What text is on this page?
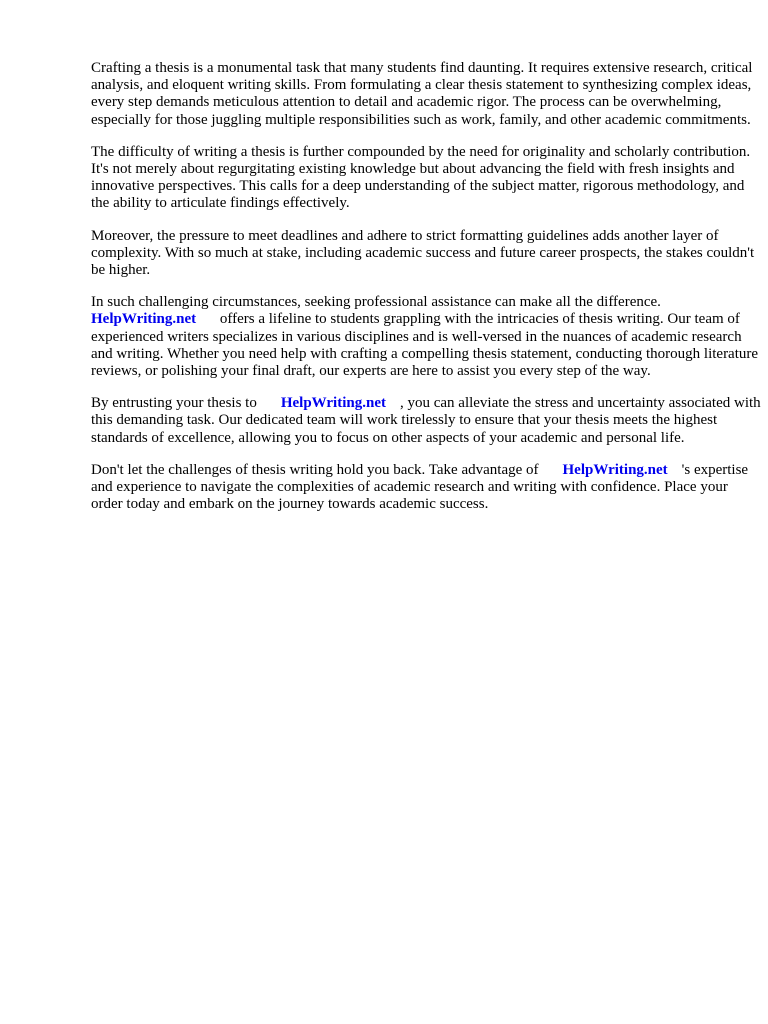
Crafting a thesis is a monumental task that many students find daunting. It requires extensive research, critical analysis, and eloquent writing skills. From formulating a clear thesis statement to synthesizing complex ideas, every step demands meticulous attention to detail and academic rigor. The process can be overwhelming, especially for those juggling multiple responsibilities such as work, family, and other academic commitments.

The difficulty of writing a thesis is further compounded by the need for originality and scholarly contribution. It's not merely about regurgitating existing knowledge but about advancing the field with fresh insights and innovative perspectives. This calls for a deep understanding of the subject matter, rigorous methodology, and the ability to articulate findings effectively.

Moreover, the pressure to meet deadlines and adhere to strict formatting guidelines adds another layer of complexity. With so much at stake, including academic success and future career prospects, the stakes couldn't be higher.

In such challenging circumstances, seeking professional assistance can make all the difference. HelpWriting.net offers a lifeline to students grappling with the intricacies of thesis writing. Our team of experienced writers specializes in various disciplines and is well-versed in the nuances of academic research and writing. Whether you need help with crafting a compelling thesis statement, conducting thorough literature reviews, or polishing your final draft, our experts are here to assist you every step of the way.

By entrusting your thesis to HelpWriting.net , you can alleviate the stress and uncertainty associated with this demanding task. Our dedicated team will work tirelessly to ensure that your thesis meets the highest standards of excellence, allowing you to focus on other aspects of your academic and personal life.

Don't let the challenges of thesis writing hold you back. Take advantage of HelpWriting.net 's expertise and experience to navigate the complexities of academic research and writing with confidence. Place your order today and embark on the journey towards academic success.
